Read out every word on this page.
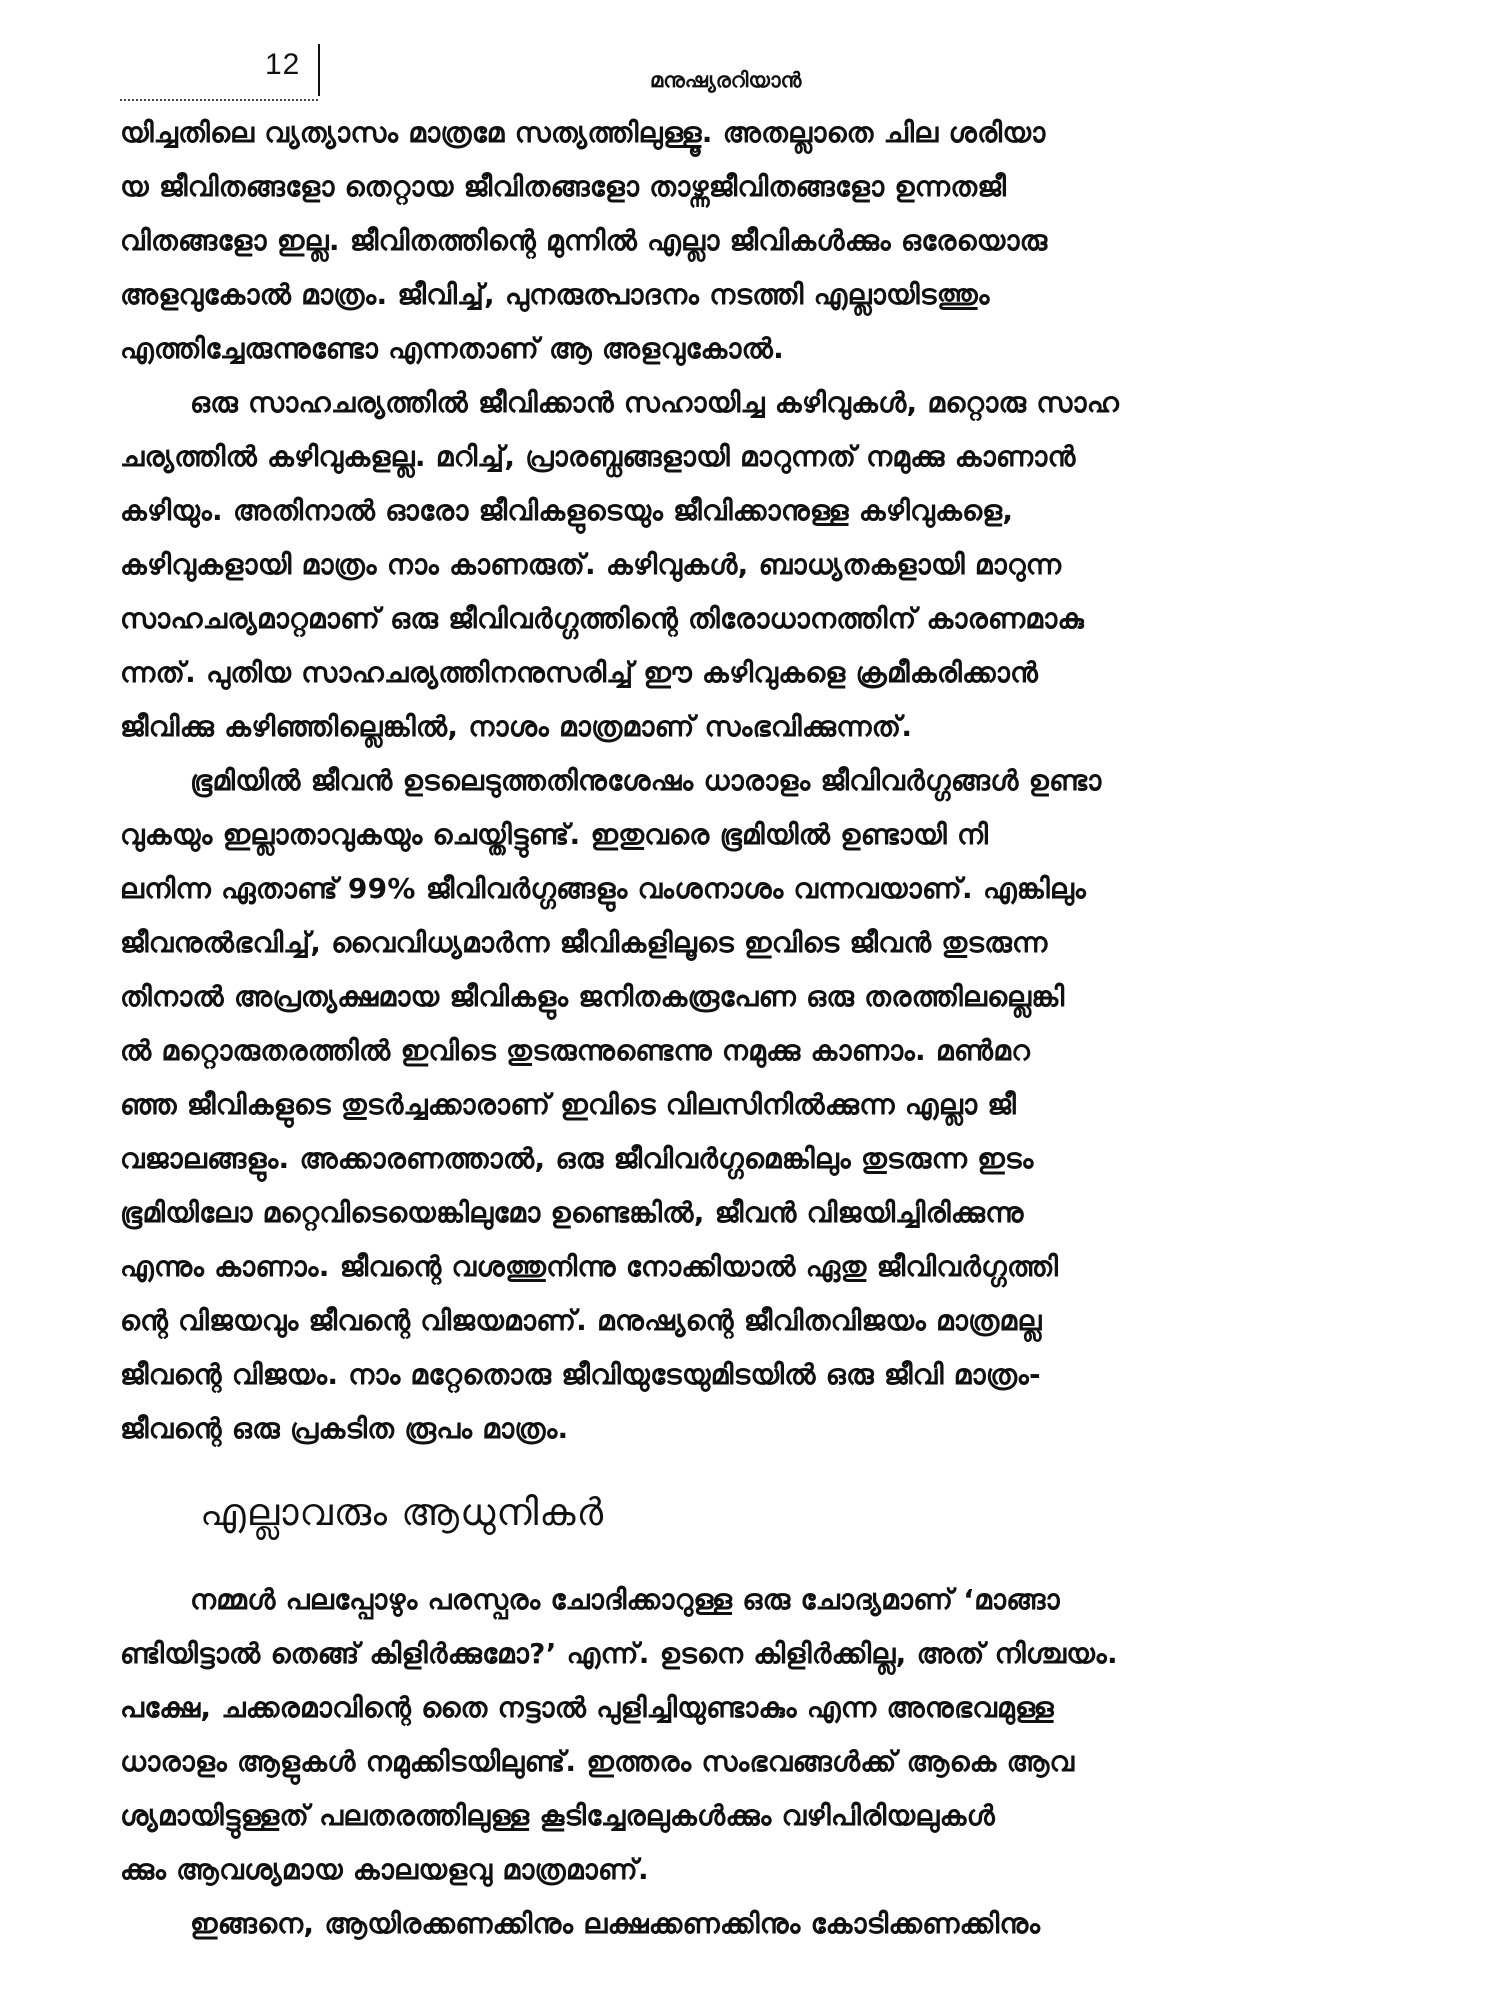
12	മനുഷ്യരറിയാൻ
യിച്ചതിലെ വ്യത്യാസം മാത്രമേ സത്യത്തിലുള്ളൂ. അതല്ലാതെ ചില ശരിയാ
യ ജീവിതങ്ങളോ തെറ്റായ ജീവിതങ്ങളോ താഴ്ന്നജീവിതങ്ങളോ ഉന്നതജീ
വിതങ്ങളോ ഇല്ല. ജീവിതത്തിന്റെ മുന്നിൽ എല്ലാ ജീവികൾക്കും ഒരേയൊരു
അളവുകോൽ മാത്രം. ജീവിച്ച്, പുനരുത്പാദനം നടത്തി എല്ലായിടത്തും
എത്തിച്ചേരുന്നുണ്ടോ എന്നതാണ് ആ അളവുകോൽ.
ഒരു സാഹചര്യത്തിൽ ജീവിക്കാൻ സഹായിച്ച കഴിവുകൾ, മറ്റൊരു സാഹ
ചര്യത്തിൽ കഴിവുകളല്ല. മറിച്ച്, പ്രാരബ്ധങ്ങളായി മാറുന്നത് നമുക്കു കാണാൻ
കഴിയും. അതിനാൽ ഓരോ ജീവികളുടെയും ജീവിക്കാനുള്ള കഴിവുകളെ,
കഴിവുകളായി മാത്രം നാം കാണരുത്. കഴിവുകൾ, ബാധ്യതകളായി മാറുന്ന
സാഹചര്യമാറ്റമാണ് ഒരു ജീവിവർഗ്ഗത്തിന്റെ തിരോധാനത്തിന് കാരണമാകു
ന്നത്. പുതിയ സാഹചര്യത്തിനനുസരിച്ച് ഈ കഴിവുകളെ ക്രമീകരിക്കാൻ
ജീവിക്കു കഴിഞ്ഞില്ലെങ്കിൽ, നാശം മാത്രമാണ് സംഭവിക്കുന്നത്.
ഭൂമിയിൽ ജീവൻ ഉടലെടുത്തതിനുശേഷം ധാരാളം ജീവിവർഗ്ഗങ്ങൾ ഉണ്ടാ
വുകയും ഇല്ലാതാവുകയും ചെയ്തിട്ടുണ്ട്. ഇതുവരെ ഭൂമിയിൽ ഉണ്ടായി നി
ലനിന്ന ഏതാണ്ട് 99% ജീവിവർഗ്ഗങ്ങളും വംശനാശം വന്നവയാണ്. എങ്കിലും
ജീവനുൽഭവിച്ച്, വൈവിധ്യമാർന്ന ജീവികളിലൂടെ ഇവിടെ ജീവൻ തുടരുന്ന
തിനാൽ അപ്രത്യക്ഷമായ ജീവികളും ജനിതകരൂപേണ ഒരു തരത്തിലല്ലെങ്കി
ൽ മറ്റൊരുതരത്തിൽ ഇവിടെ തുടരുന്നുണ്ടെന്നു നമുക്കു കാണാം. മൺമറ
ഞ്ഞ ജീവികളുടെ തുടർച്ചക്കാരാണ് ഇവിടെ വിലസിനിൽക്കുന്ന എല്ലാ ജീ
വജാലങ്ങളും. അക്കാരണത്താൽ, ഒരു ജീവിവർഗ്ഗമെങ്കിലും തുടരുന്ന ഇടം
ഭൂമിയിലോ മറ്റെവിടെയെങ്കിലുമോ ഉണ്ടെങ്കിൽ, ജീവൻ വിജയിച്ചിരിക്കുന്നു
എന്നും കാണാം. ജീവന്റെ വശത്തുനിന്നു നോക്കിയാൽ ഏതു ജീവിവർഗ്ഗത്തി
ന്റെ വിജയവും ജീവന്റെ വിജയമാണ്. മനുഷ്യന്റെ ജീവിതവിജയം മാത്രമല്ല
ജീവന്റെ വിജയം. നാം മറ്റേതൊരു ജീവിയുടേയുമിടയിൽ ഒരു ജീവി മാത്രം-
ജീവന്റെ ഒരു പ്രകടിത രൂപം മാത്രം.
എല്ലാവരും ആധുനികർ
നമ്മൾ പലപ്പോഴും പരസ്പരം ചോദിക്കാറുള്ള ഒരു ചോദ്യമാണ് ‘മാങ്ങാ
ണ്ടിയിട്ടാൽ തെങ്ങ് കിളിർക്കുമോ?’ എന്ന്. ഉടനെ കിളിർക്കില്ല, അത് നിശ്ചയം.
പക്ഷേ, ചക്കരമാവിന്റെ തൈ നട്ടാൽ പുളിച്ചിയുണ്ടാകും എന്ന അനുഭവമുള്ള
ധാരാളം ആളുകൾ നമുക്കിടയിലുണ്ട്. ഇത്തരം സംഭവങ്ങൾക്ക് ആകെ ആവ
ശ്യമായിട്ടുള്ളത് പലതരത്തിലുള്ള കൂടിച്ചേരലുകൾക്കും വഴിപിരിയലുകൾ
ക്കും ആവശ്യമായ കാലയളവു മാത്രമാണ്.
ഇങ്ങനെ, ആയിരക്കണക്കിനും ലക്ഷക്കണക്കിനും കോടിക്കണക്കിനും
